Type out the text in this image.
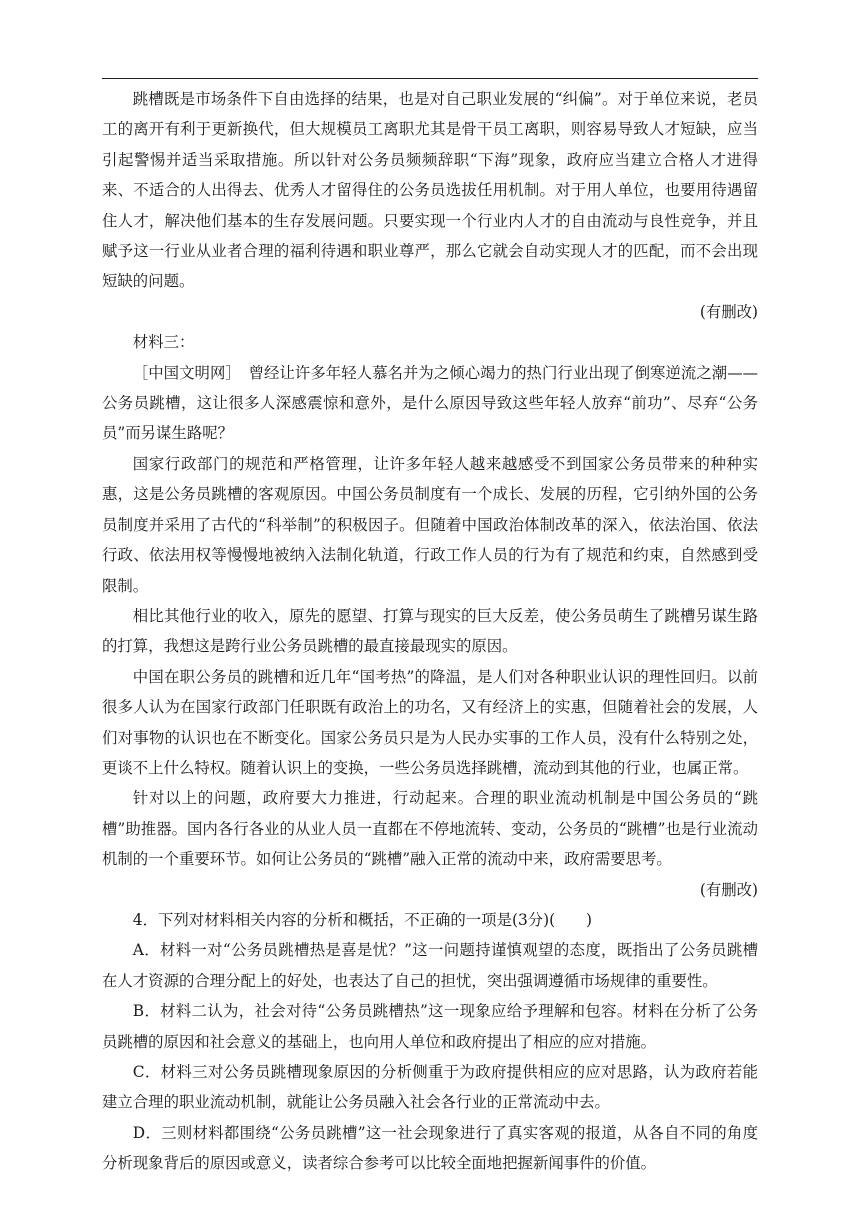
跳槽既是市场条件下自由选择的结果，也是对自己职业发展的“纠偏”。对于单位来说，老员工的离开有利于更新换代，但大规模员工离职尤其是骨干员工离职，则容易导致人才短缺，应当引起警惕并适当采取措施。所以针对公务员频频辞职“下海”现象，政府应当建立合格人才进得来、不适合的人出得去、优秀人才留得住的公务员选拔任用机制。对于用人单位，也要用待遇留住人才，解决他们基本的生存发展问题。只要实现一个行业内人才的自由流动与良性竞争，并且赋予这一行业从业者合理的福利待遇和职业尊严，那么它就会自动实现人才的匹配，而不会出现短缺的问题。

(有删改)

材料三：

［中国文明网］　曾经让许多年轻人慕名并为之倾心竭力的热门行业出现了倒寒逆流之潮——公务员跳槽，这让很多人深感震惊和意外，是什么原因导致这些年轻人放弃“前功”、尽弃“公务员”而另谋生路呢？

国家行政部门的规范和严格管理，让许多年轻人越来越感受不到国家公务员带来的种种实惠，这是公务员跳槽的客观原因。中国公务员制度有一个成长、发展的历程，它引纳外国的公务员制度并采用了古代的“科举制”的积极因子。但随着中国政治体制改革的深入，依法治国、依法行政、依法用权等慢慢地被纳入法制化轨道，行政工作人员的行为有了规范和约束，自然感到受限制。

相比其他行业的收入，原先的愿望、打算与现实的巨大反差，使公务员萌生了跳槽另谋生路的打算，我想这是跨行业公务员跳槽的最直接最现实的原因。

中国在职公务员的跳槽和近几年“国考热”的降温，是人们对各种职业认识的理性回归。以前很多人认为在国家行政部门任职既有政治上的功名，又有经济上的实惠，但随着社会的发展，人们对事物的认识也在不断变化。国家公务员只是为人民办实事的工作人员，没有什么特别之处，更谈不上什么特权。随着认识上的变换，一些公务员选择跳槽，流动到其他的行业，也属正常。

针对以上的问题，政府要大力推进，行动起来。合理的职业流动机制是中国公务员的“跳槽”助推器。国内各行各业的从业人员一直都在不停地流转、变动，公务员的“跳槽”也是行业流动机制的一个重要环节。如何让公务员的“跳槽”融入正常的流动中来，政府需要思考。

(有删改)

4．下列对材料相关内容的分析和概括，不正确的一项是(3分)(　　)

A．材料一对“公务员跳槽热是喜是忧？”这一问题持谨慎观望的态度，既指出了公务员跳槽在人才资源的合理分配上的好处，也表达了自己的担忧，突出强调遵循市场规律的重要性。

B．材料二认为，社会对待“公务员跳槽热”这一现象应给予理解和包容。材料在分析了公务员跳槽的原因和社会意义的基础上，也向用人单位和政府提出了相应的应对措施。

C．材料三对公务员跳槽现象原因的分析侧重于为政府提供相应的应对思路，认为政府若能建立合理的职业流动机制，就能让公务员融入社会各行业的正常流动中去。

D．三则材料都围绕“公务员跳槽”这一社会现象进行了真实客观的报道，从各自不同的角度分析现象背后的原因或意义，读者综合参考可以比较全面地把握新闻事件的价值。
